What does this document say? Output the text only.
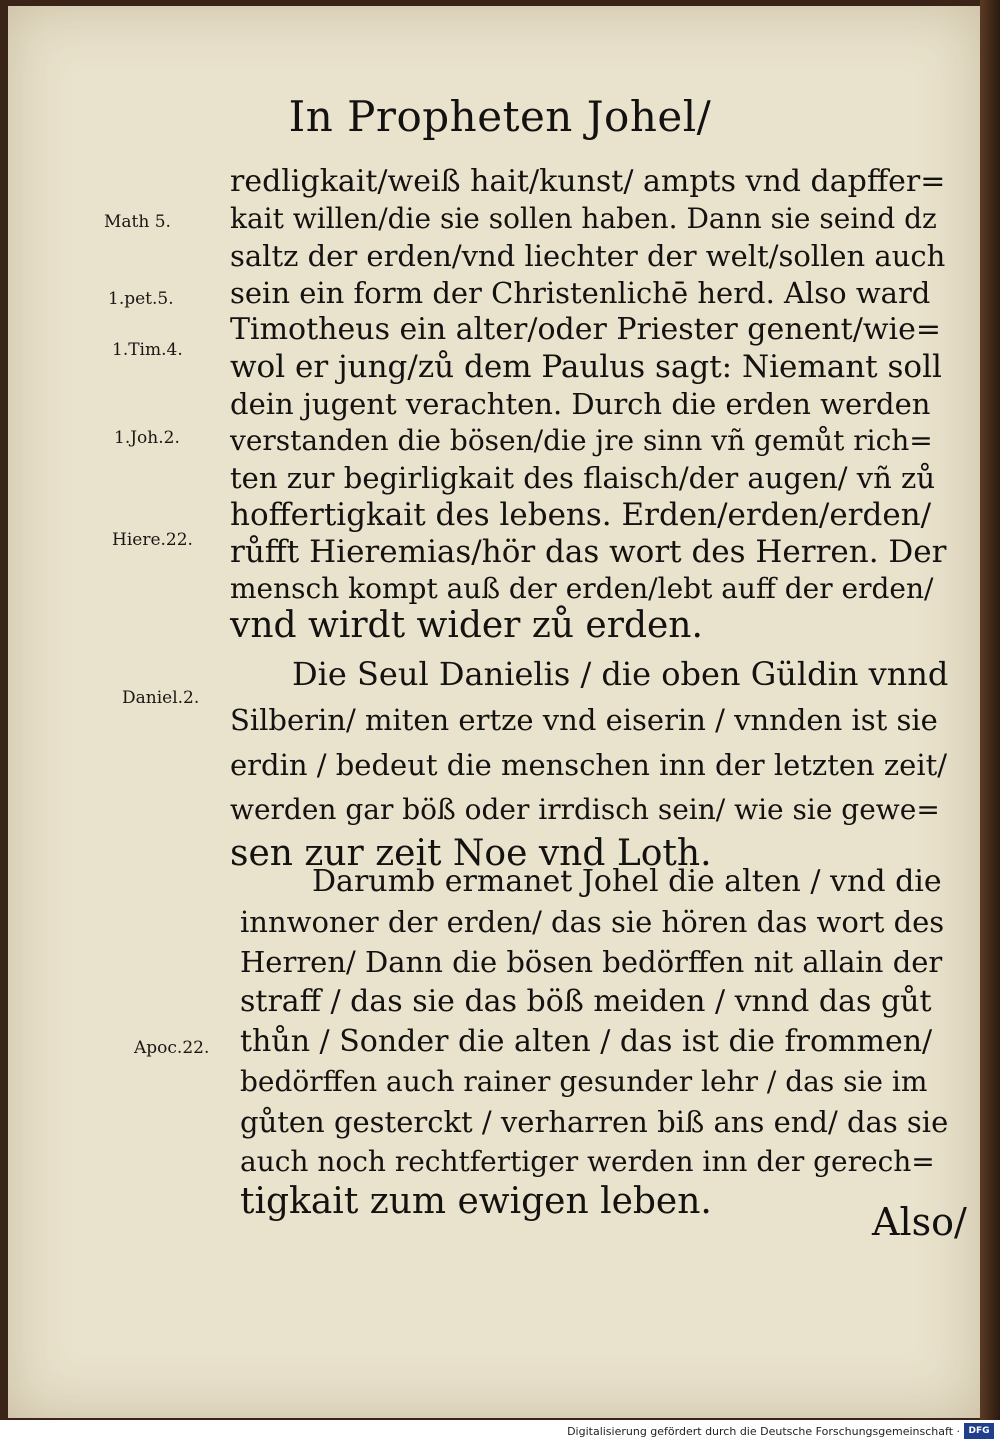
In Propheten Johel/
redligkait/weiß hait/kunst/ ampts vnd dapffer=
kait willen/die sie sollen haben. Dann sie seind dz
saltz der erden/vnd liechter der welt/sollen auch
sein ein form der Christenlichē herd. Also ward
Timotheus ein alter/oder Priester genent/wie=
wol er jung/zů dem Paulus sagt: Niemant soll
dein jugent verachten. Durch die erden werden
verstanden die bösen/die jre sinn vñ gemůt rich=
ten zur begirligkait des flaisch/der augen/ vñ zů
hoffertigkait des lebens. Erden/erden/erden/
růfft Hieremias/hör das wort des Herren. Der
mensch kompt auß der erden/lebt auff der erden/
vnd wirdt wider zů erden.
Die Seul Danielis / die oben Güldin vnnd
Silberin/ miten ertze vnd eiserin / vnnden ist sie
erdin / bedeut die menschen inn der letzten zeit/
werden gar böß oder irrdisch sein/ wie sie gewe=
sen zur zeit Noe vnd Loth.
Darumb ermanet Johel die alten / vnd die
innwoner der erden/ das sie hören das wort des
Herren/ Dann die bösen bedörffen nit allain der
straff / das sie das böß meiden / vnnd das gůt
thůn / Sonder die alten / das ist die frommen/
bedörffen auch rainer gesunder lehr / das sie im
gůten gesterckt / verharren biß ans end/ das sie
auch noch rechtfertiger werden inn der gerech=
tigkait zum ewigen leben.
Math 5.
1.pet.5.
1.Tim.4.
1.Joh.2.
Hiere.22.
Daniel.2.
Apoc.22.
Also/
Digitalisierung gefördert durch die Deutsche Forschungsgemeinschaft · DFG
